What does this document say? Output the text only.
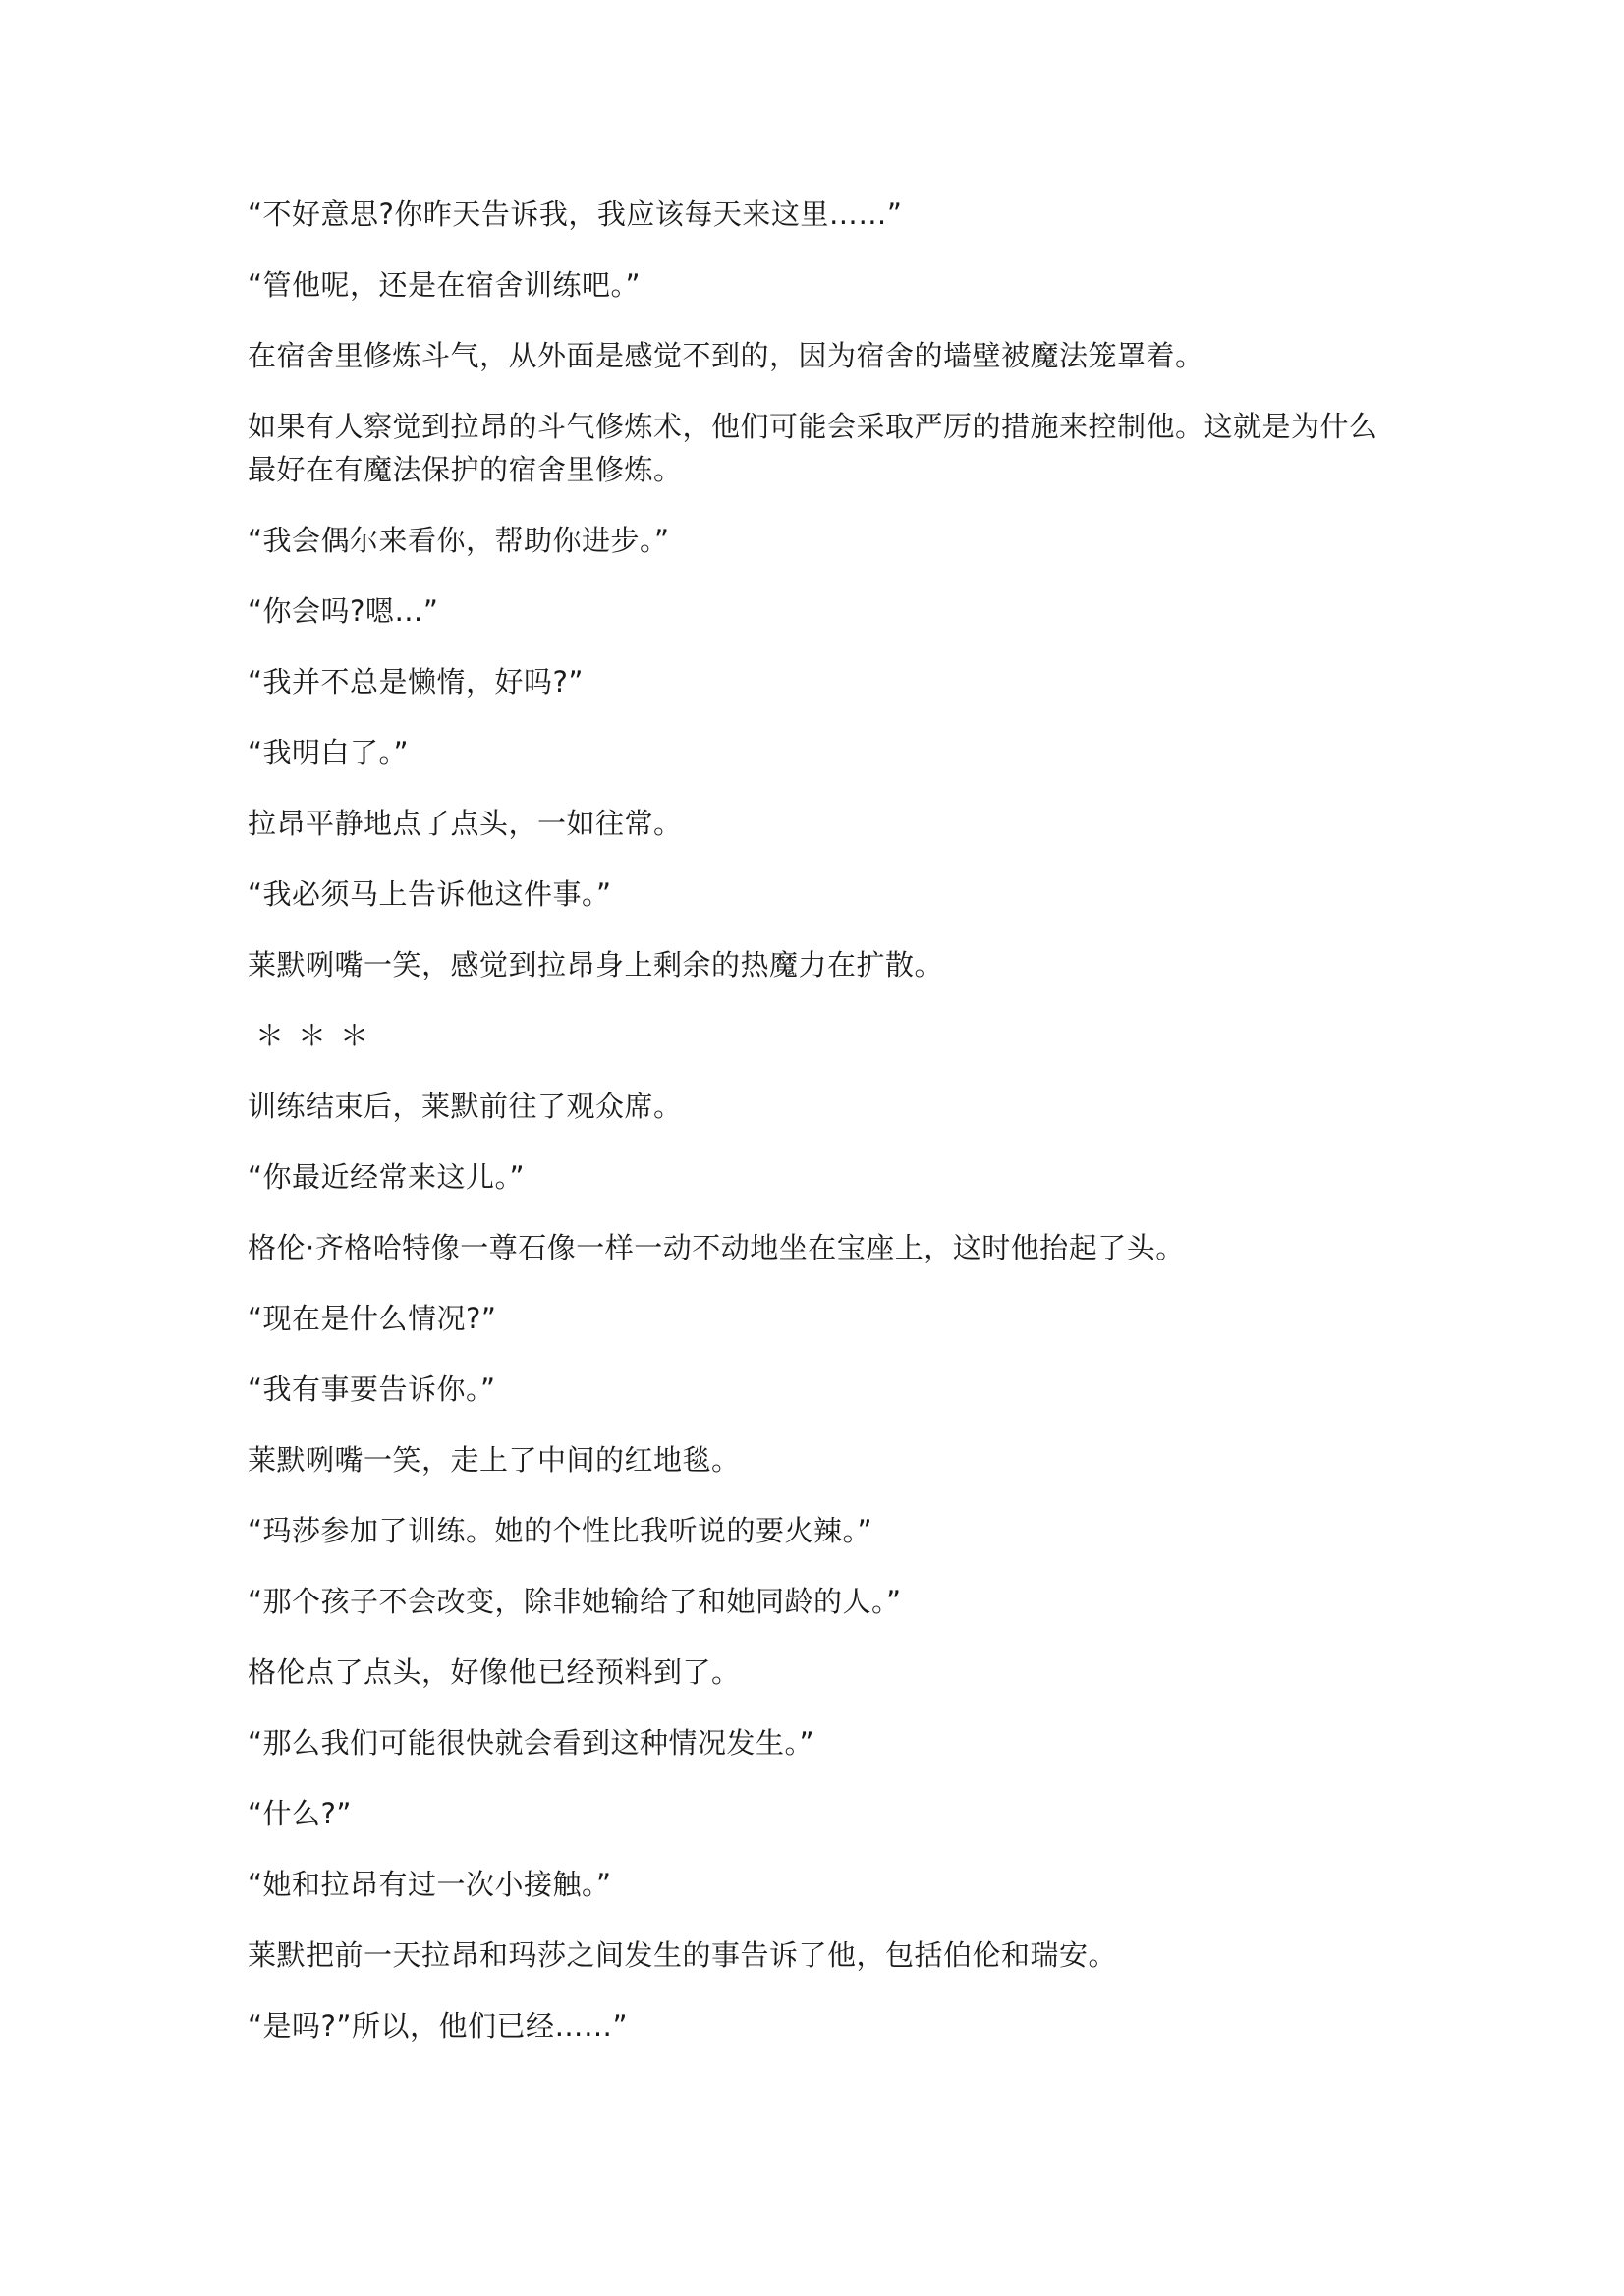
“不好意思?你昨天告诉我，我应该每天来这里……”

“管他呢，还是在宿舍训练吧。”

在宿舍里修炼斗气，从外面是感觉不到的，因为宿舍的墙壁被魔法笼罩着。

如果有人察觉到拉昂的斗气修炼术，他们可能会采取严厉的措施来控制他。这就是为什么最好在有魔法保护的宿舍里修炼。

“我会偶尔来看你，帮助你进步。”

“你会吗?嗯…”

“我并不总是懒惰，好吗?”

“我明白了。”

拉昂平静地点了点头，一如往常。

“我必须马上告诉他这件事。”

莱默咧嘴一笑，感觉到拉昂身上剩余的热魔力在扩散。

＊＊＊

训练结束后，莱默前往了观众席。

“你最近经常来这儿。”

格伦·齐格哈特像一尊石像一样一动不动地坐在宝座上，这时他抬起了头。

“现在是什么情况?”

“我有事要告诉你。”

莱默咧嘴一笑，走上了中间的红地毯。

“玛莎参加了训练。她的个性比我听说的要火辣。”

“那个孩子不会改变，除非她输给了和她同龄的人。”

格伦点了点头，好像他已经预料到了。

“那么我们可能很快就会看到这种情况发生。”

“什么?”

“她和拉昂有过一次小接触。”

莱默把前一天拉昂和玛莎之间发生的事告诉了他，包括伯伦和瑞安。

“是吗?”所以，他们已经……”
